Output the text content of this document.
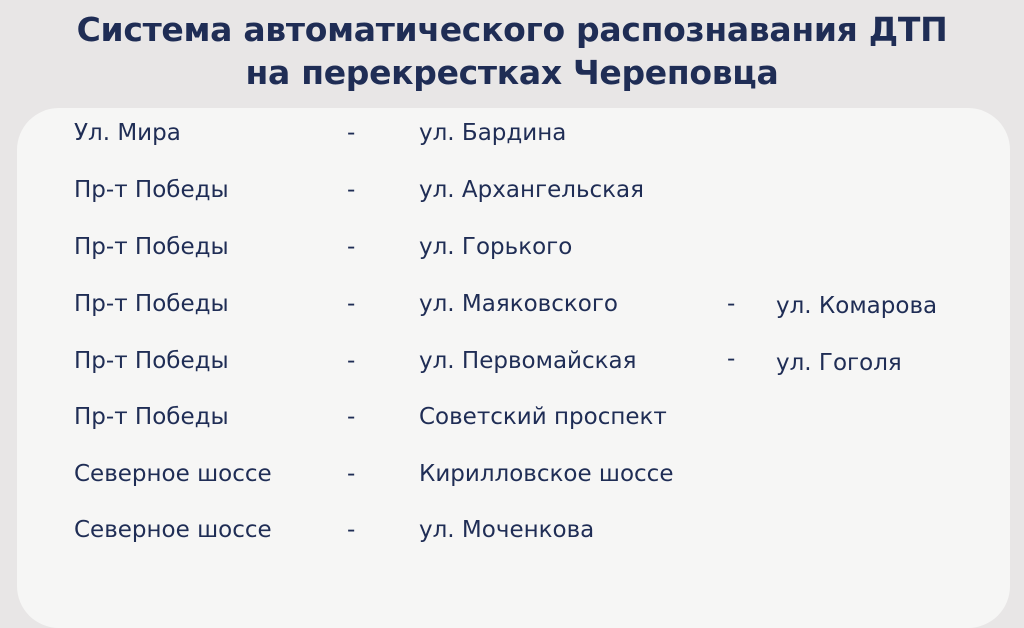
Система автоматического распознавания ДТП
на перекрестках Череповца
Ул. Мира	-	ул. Бардина
Пр-т Победы	-	ул. Архангельская
Пр-т Победы	-	ул. Горького
Пр-т Победы	-	ул. Маяковского	- ул. Комарова
Пр-т Победы	-	ул. Первомайская	- ул. Гоголя
Пр-т Победы	-	Советский проспект
Северное шоссе	-	Кирилловское шоссе
Северное шоссе	-	ул. Моченкова
